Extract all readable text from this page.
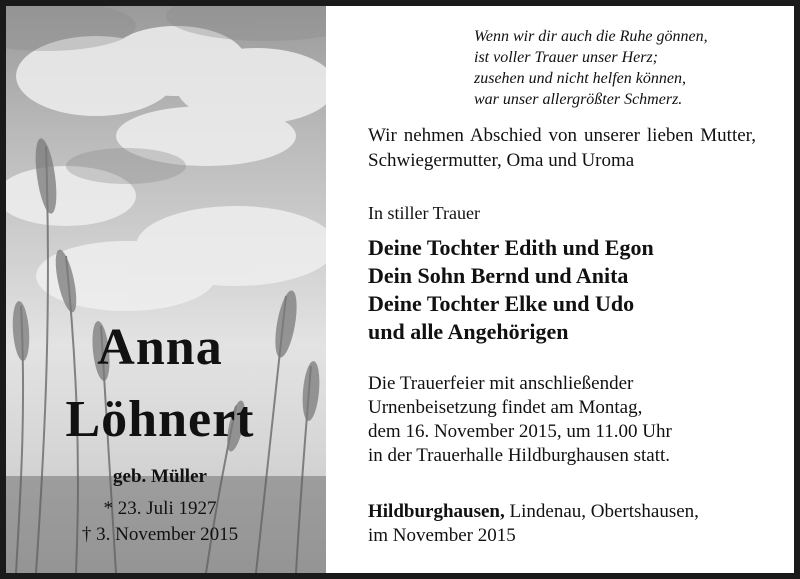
Anna
Löhnert
geb. Müller
* 23. Juli 1927
† 3. November 2015
Wenn wir dir auch die Ruhe gönnen,
ist voller Trauer unser Herz;
zusehen und nicht helfen können,
war unser allergrößter Schmerz.
Wir nehmen Abschied von unserer lieben Mutter, Schwiegermutter, Oma und Uroma
In stiller Trauer
Deine Tochter Edith und Egon
Dein Sohn Bernd und Anita
Deine Tochter Elke und Udo
und alle Angehörigen
Die Trauerfeier mit anschließender
Urnenbeisetzung findet am Montag,
dem 16. November 2015, um 11.00 Uhr
in der Trauerhalle Hildburghausen statt.
Hildburghausen, Lindenau, Obertshausen,
im November 2015
